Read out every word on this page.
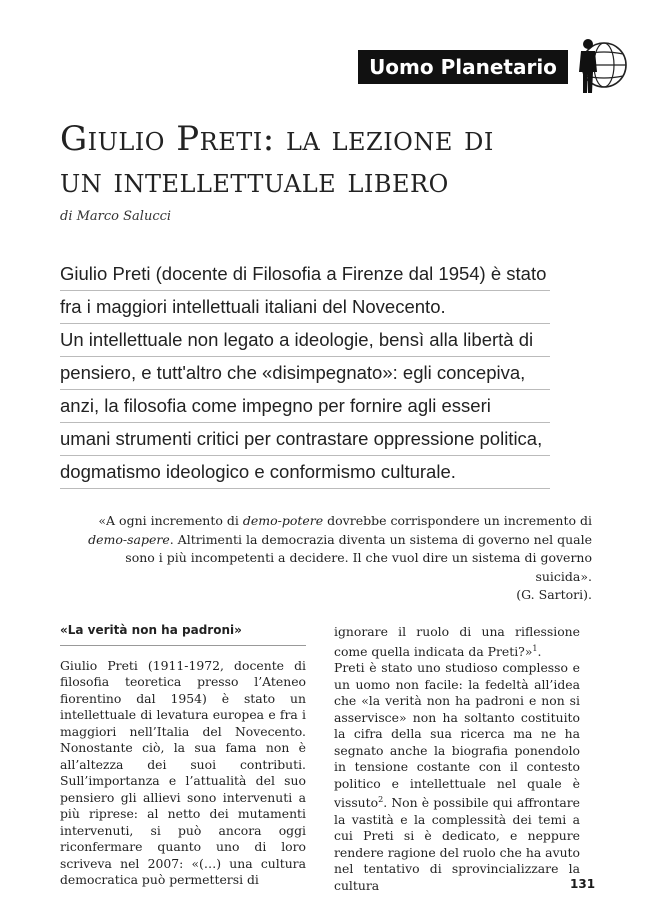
Uomo Planetario
Giulio Preti: la lezione di
un intellettuale libero
di Marco Salucci
Giulio Preti (docente di Filosofia a Firenze dal 1954) è stato
fra i maggiori intellettuali italiani del Novecento.
Un intellettuale non legato a ideologie, bensì alla libertà di
pensiero, e tutt'altro che «disimpegnato»: egli concepiva,
anzi, la filosofia come impegno per fornire agli esseri
umani strumenti critici per contrastare oppressione politica,
dogmatismo ideologico e conformismo culturale.
«A ogni incremento di demo-potere dovrebbe corrispondere un incremento di demo-sapere. Altrimenti la democrazia diventa un sistema di governo nel quale sono i più incompetenti a decidere. Il che vuol dire un sistema di governo suicida».
(G. Sartori).
«La verità non ha padroni»

Giulio Preti (1911-1972, docente di filosofia teoretica presso l’Ateneo fiorentino dal 1954) è stato un intellettuale di levatura europea e fra i maggiori nell’Italia del Novecento. Nonostante ciò, la sua fama non è all’altezza dei suoi contributi. Sull’importanza e l’attualità del suo pensiero gli allievi sono intervenuti a più riprese: al netto dei mutamenti intervenuti, si può ancora oggi riconfermare quanto uno di loro scriveva nel 2007: «(…) una cultura democratica può permettersi di

ignorare il ruolo di una riflessione come quella indicata da Preti?»$^1$.

Preti è stato uno studioso complesso e un uomo non facile: la fedeltà all’idea che «la verità non ha padroni e non si asservisce» non ha soltanto costituito la cifra della sua ricerca ma ne ha segnato anche la biografia ponendolo in tensione costante con il contesto politico e intellettuale nel quale è vissuto$^2$. Non è possibile qui affrontare la vastità e la complessità dei temi a cui Preti si è dedicato, e neppure rendere ragione del ruolo che ha avuto nel tentativo di sprovincializzare la cultura	131
